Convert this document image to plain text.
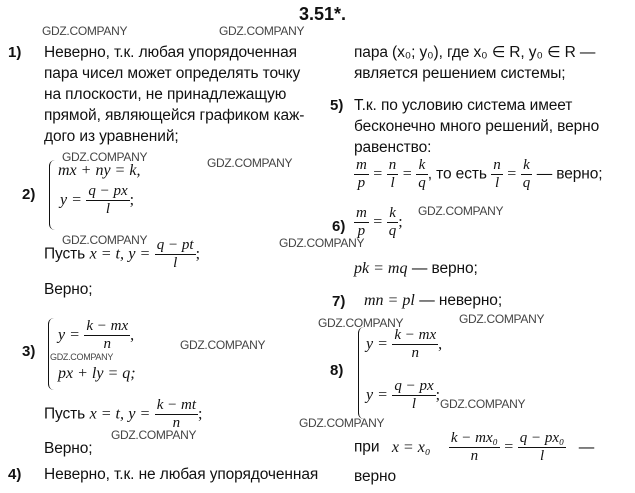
3.51*.
1) Неверно, т.к. любая упорядоченная
пара чисел может определять точку
на плоскости, не принадлежащую
прямой, являющейся графиком каж-
дого из уравнений;
2)
mx + ny = k,
$y = \frac{q - px}{l}$ ;
Пусть x = t, $y = \frac{q - pt}{l}$ ;
Верно;
3)
$y = \frac{k - mx}{n}$ ,
px + ly = q;
Пусть x = t, $y = \frac{k - mt}{n}$ ;
Верно;
4) Неверно, т.к. не любая упорядоченная
пара (x₀; y₀), где x₀ ∈ R, y₀ ∈ R —
является решением системы;
5) Т.к. по условию система имеет
бесконечно много решений, верно
равенство:
$\frac{m}{p} = \frac{n}{l} = \frac{k}{q}$ , то есть $\frac{n}{l} = \frac{k}{q}$ — верно;
$6) \frac{m}{p} = \frac{k}{q}$ ;
pk = mq — верно;
7) mn = pl — неверно;
8)
$y = \frac{k - mx}{n}$ ,
$y = \frac{q - px}{l}$ ;
при $x = x_0 \frac{\text{k − mx₀}}{n} = \frac{\text{q − px₀}}{l}$ —
верно
GDZ.COMPANY	GDZ.COMPANY
GDZ.COMPANY	GDZ.COMPANY
GDZ.COMPANY	GDZ.COMPANY
GDZ.COMPANY
GDZ.COMPANY
GDZ.COMPANY
GDZ.COMPANY	GDZ.COMPANY
GDZ.COMPANY
GDZ.COMPANY
GDZ.COMPANY
